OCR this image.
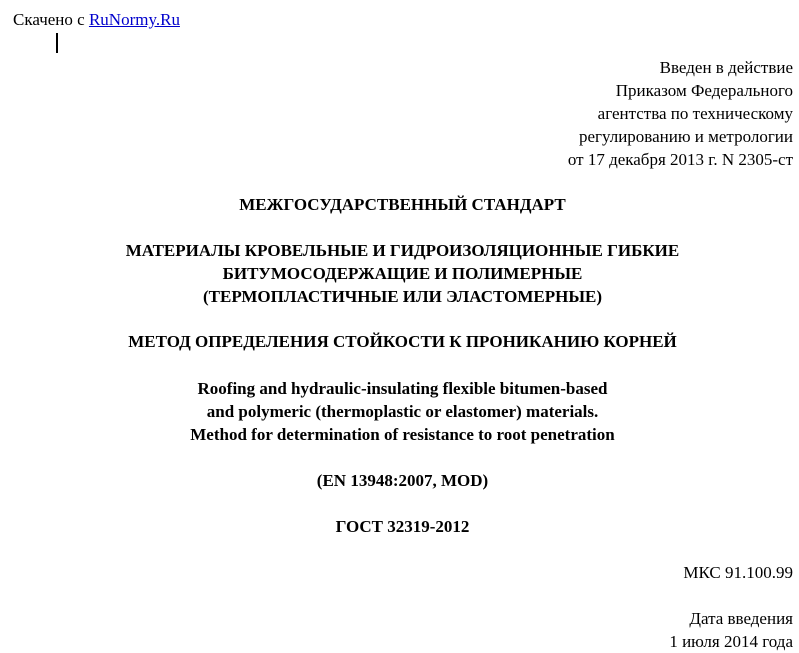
Скачено с RuNormy.Ru

Введен в действие

Приказом Федерального

агентства по техническому

регулированию и метрологии

от 17 декабря 2013 г. N 2305-ст

МЕЖГОСУДАРСТВЕННЫЙ СТАНДАРТ

МАТЕРИАЛЫ КРОВЕЛЬНЫЕ И ГИДРОИЗОЛЯЦИОННЫЕ ГИБКИЕ

БИТУМОСОДЕРЖАЩИЕ И ПОЛИМЕРНЫЕ

(ТЕРМОПЛАСТИЧНЫЕ ИЛИ ЭЛАСТОМЕРНЫЕ)

МЕТОД ОПРЕДЕЛЕНИЯ СТОЙКОСТИ К ПРОНИКАНИЮ КОРНЕЙ

Roofing and hydraulic-insulating flexible bitumen-based

and polymeric (thermoplastic or elastomer) materials.

Method for determination of resistance to root penetration

(EN 13948:2007, MOD)

ГОСТ 32319-2012

МКС 91.100.99

Дата введения

1 июля 2014 года
